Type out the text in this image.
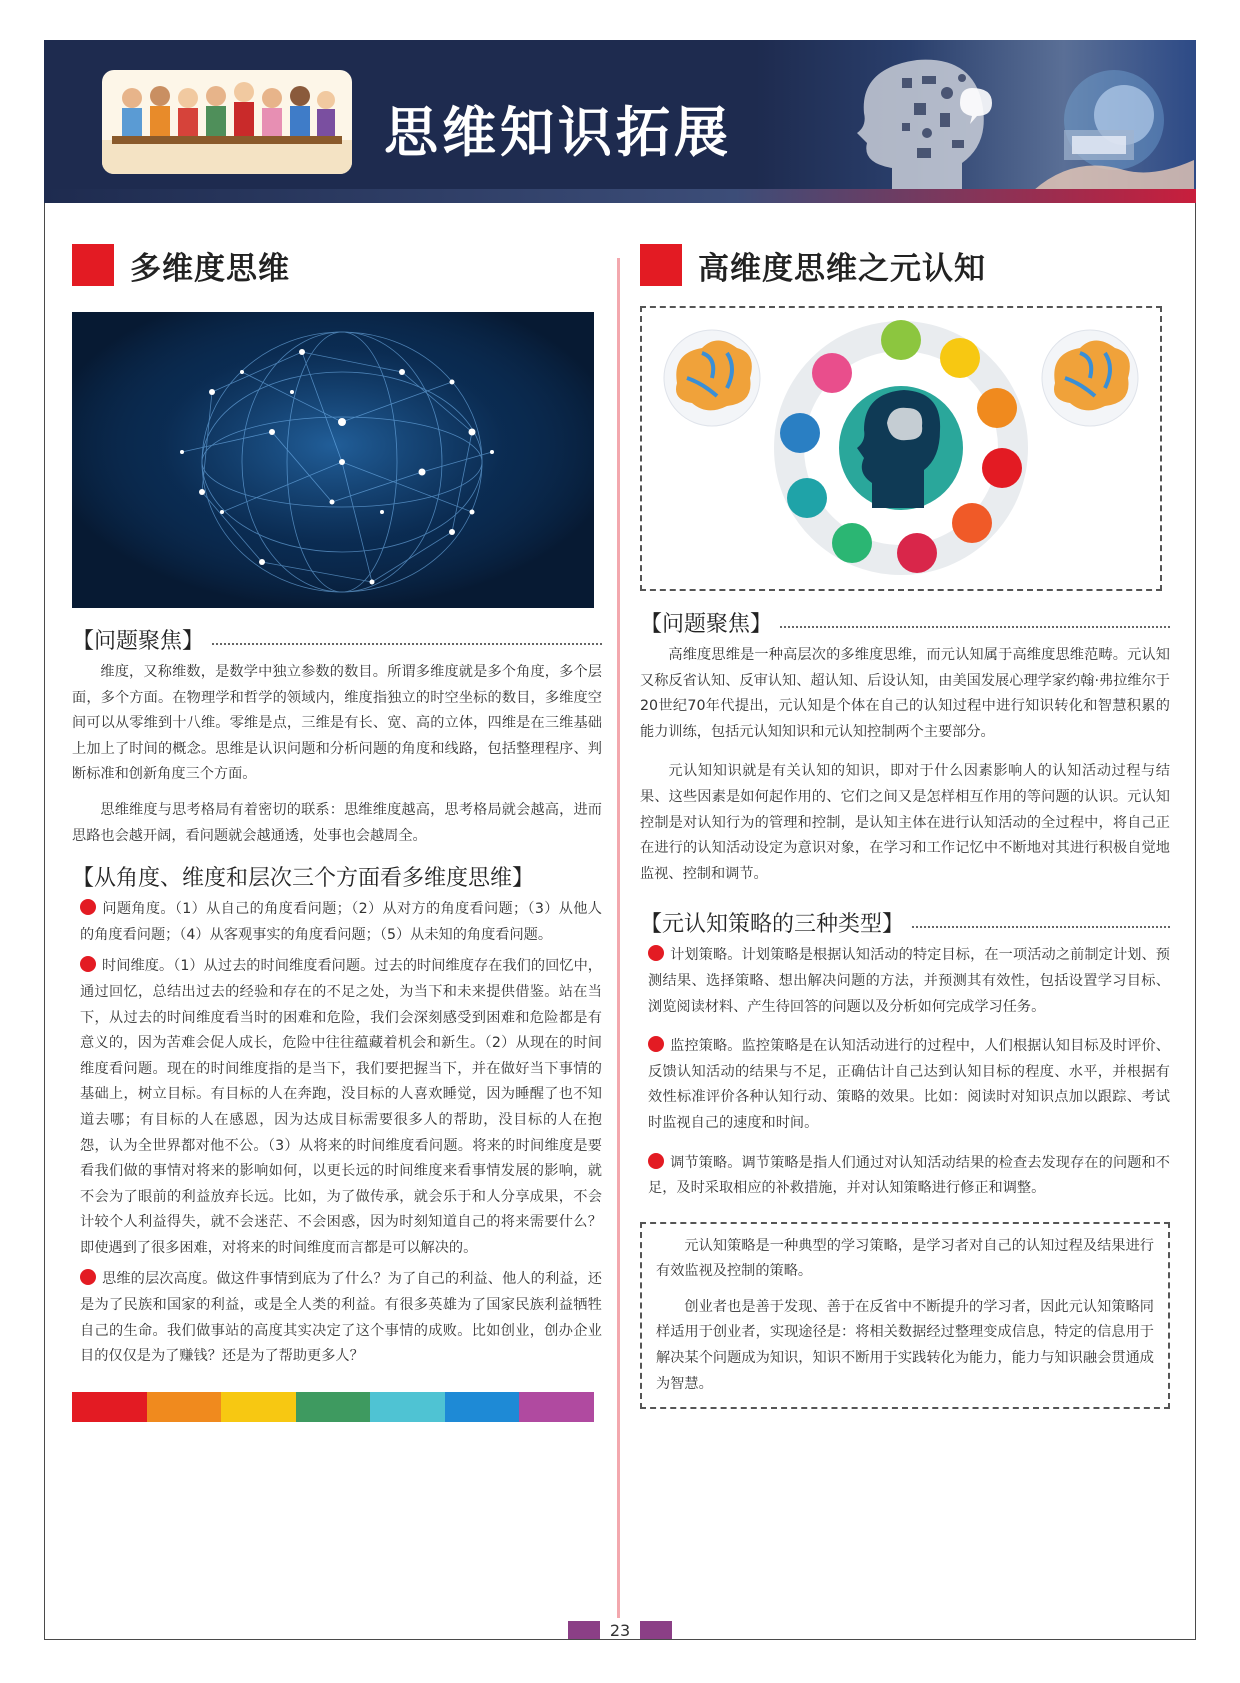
思维知识拓展
多维度思维
【问题聚焦】

维度，又称维数，是数学中独立参数的数目。所谓多维度就是多个角度，多个层面，多个方面。在物理学和哲学的领域内，维度指独立的时空坐标的数目，多维度空间可以从零维到十八维。零维是点，三维是有长、宽、高的立体，四维是在三维基础上加上了时间的概念。思维是认识问题和分析问题的角度和线路，包括整理程序、判断标准和创新角度三个方面。

思维维度与思考格局有着密切的联系：思维维度越高，思考格局就会越高，进而思路也会越开阔，看问题就会越通透，处事也会越周全。

【从角度、维度和层次三个方面看多维度思维】

问题角度。（1）从自己的角度看问题；（2）从对方的角度看问题；（3）从他人的角度看问题；（4）从客观事实的角度看问题；（5）从未知的角度看问题。

时间维度。（1）从过去的时间维度看问题。过去的时间维度存在我们的回忆中，通过回忆，总结出过去的经验和存在的不足之处，为当下和未来提供借鉴。站在当下，从过去的时间维度看当时的困难和危险，我们会深刻感受到困难和危险都是有意义的，因为苦难会促人成长，危险中往往蕴藏着机会和新生。（2）从现在的时间维度看问题。现在的时间维度指的是当下，我们要把握当下，并在做好当下事情的基础上，树立目标。有目标的人在奔跑，没目标的人喜欢睡觉，因为睡醒了也不知道去哪；有目标的人在感恩，因为达成目标需要很多人的帮助，没目标的人在抱怨，认为全世界都对他不公。（3）从将来的时间维度看问题。将来的时间维度是要看我们做的事情对将来的影响如何，以更长远的时间维度来看事情发展的影响，就不会为了眼前的利益放弃长远。比如，为了做传承，就会乐于和人分享成果，不会计较个人利益得失，就不会迷茫、不会困惑，因为时刻知道自己的将来需要什么？即使遇到了很多困难，对将来的时间维度而言都是可以解决的。

思维的层次高度。做这件事情到底为了什么？为了自己的利益、他人的利益，还是为了民族和国家的利益，或是全人类的利益。有很多英雄为了国家民族利益牺牲自己的生命。我们做事站的高度其实决定了这个事情的成败。比如创业，创办企业目的仅仅是为了赚钱？还是为了帮助更多人？

高维度思维之元认知
【问题聚焦】

高维度思维是一种高层次的多维度思维，而元认知属于高维度思维范畴。元认知又称反省认知、反审认知、超认知、后设认知，由美国发展心理学家约翰·弗拉维尔于20世纪70年代提出，元认知是个体在自己的认知过程中进行知识转化和智慧积累的能力训练，包括元认知知识和元认知控制两个主要部分。

元认知知识就是有关认知的知识，即对于什么因素影响人的认知活动过程与结果、这些因素是如何起作用的、它们之间又是怎样相互作用的等问题的认识。元认知控制是对认知行为的管理和控制，是认知主体在进行认知活动的全过程中，将自己正在进行的认知活动设定为意识对象，在学习和工作记忆中不断地对其进行积极自觉地监视、控制和调节。

【元认知策略的三种类型】

计划策略。计划策略是根据认知活动的特定目标，在一项活动之前制定计划、预测结果、选择策略、想出解决问题的方法，并预测其有效性，包括设置学习目标、浏览阅读材料、产生待回答的问题以及分析如何完成学习任务。

监控策略。监控策略是在认知活动进行的过程中，人们根据认知目标及时评价、反馈认知活动的结果与不足，正确估计自己达到认知目标的程度、水平，并根据有效性标准评价各种认知行动、策略的效果。比如：阅读时对知识点加以跟踪、考试时监视自己的速度和时间。

调节策略。调节策略是指人们通过对认知活动结果的检查去发现存在的问题和不足，及时采取相应的补救措施，并对认知策略进行修正和调整。

元认知策略是一种典型的学习策略，是学习者对自己的认知过程及结果进行有效监视及控制的策略。

创业者也是善于发现、善于在反省中不断提升的学习者，因此元认知策略同样适用于创业者，实现途径是：将相关数据经过整理变成信息，特定的信息用于解决某个问题成为知识，知识不断用于实践转化为能力，能力与知识融会贯通成为智慧。

23
